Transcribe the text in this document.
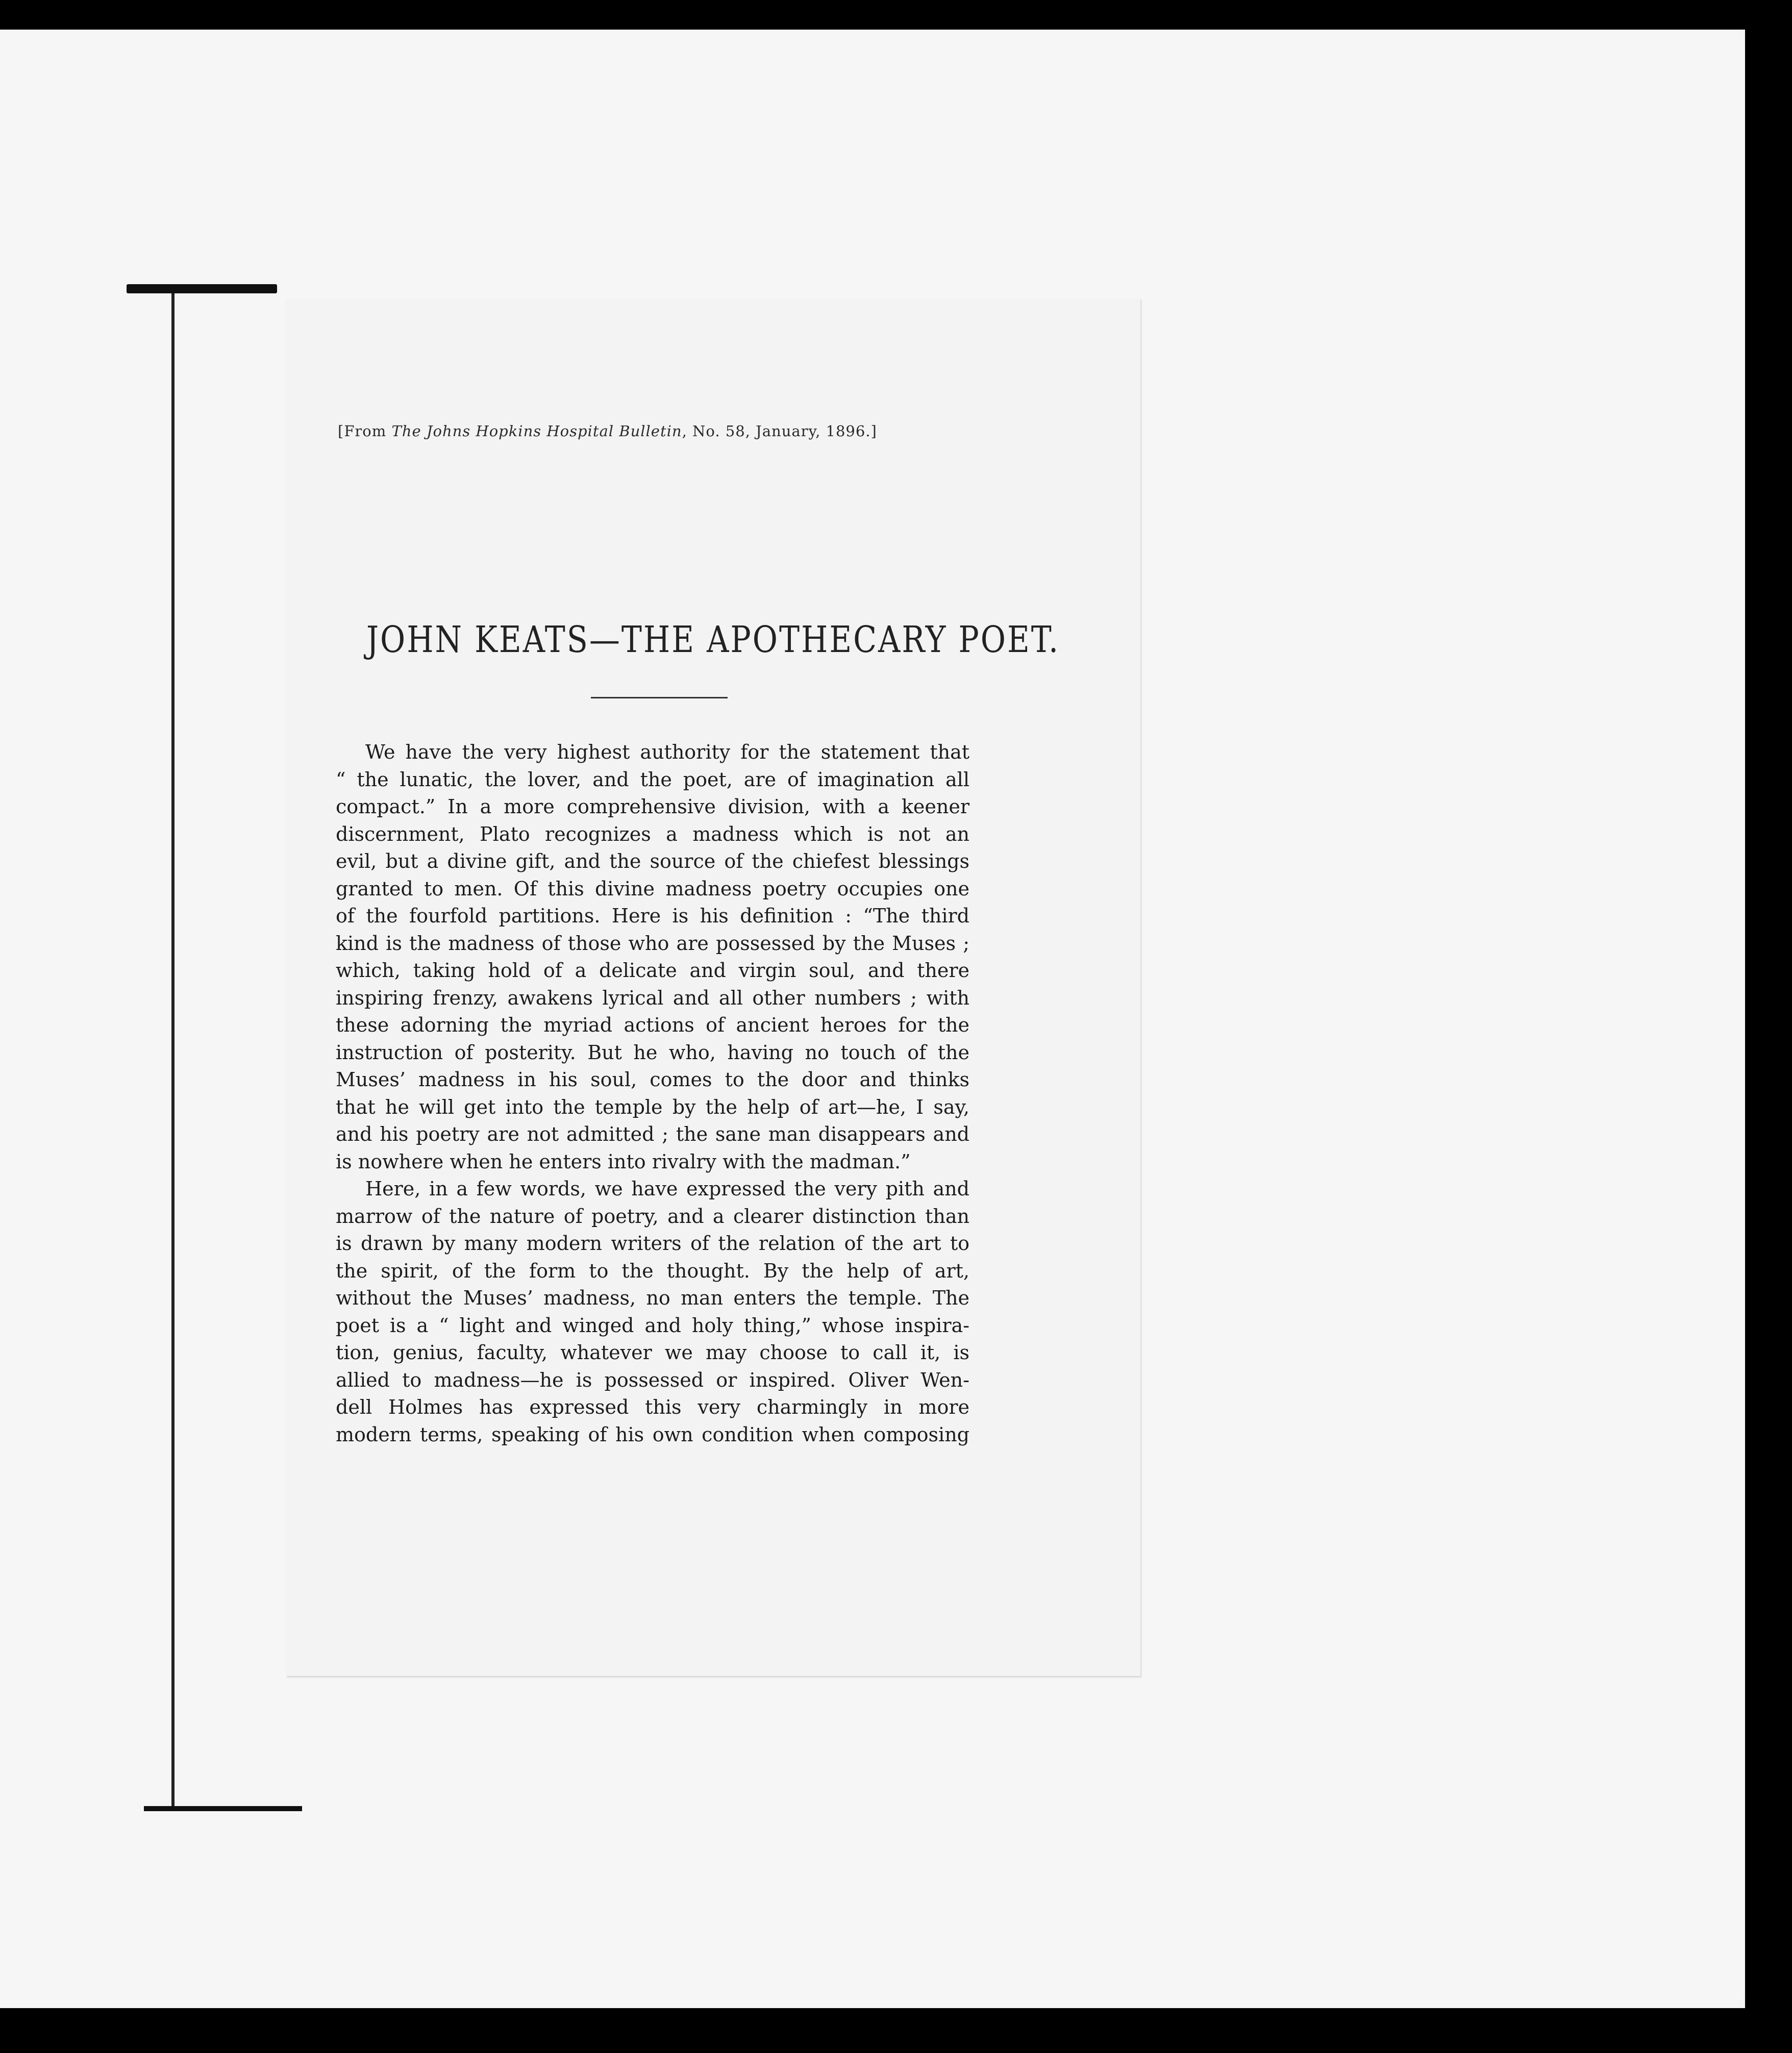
[From The Johns Hopkins Hospital Bulletin, No. 58, January, 1896.]
JOHN KEATS—THE APOTHECARY POET.
We have the very highest authority for the statement that
“ the lunatic, the lover, and the poet, are of imagination all
compact.” In a more comprehensive division, with a keener
discernment, Plato recognizes a madness which is not an
evil, but a divine gift, and the source of the chiefest blessings
granted to men. Of this divine madness poetry occupies one
of the fourfold partitions. Here is his definition : “The third
kind is the madness of those who are possessed by the Muses ;
which, taking hold of a delicate and virgin soul, and there
inspiring frenzy, awakens lyrical and all other numbers ; with
these adorning the myriad actions of ancient heroes for the
instruction of posterity. But he who, having no touch of the
Muses’ madness in his soul, comes to the door and thinks
that he will get into the temple by the help of art—he, I say,
and his poetry are not admitted ; the sane man disappears and
is nowhere when he enters into rivalry with the madman.”
Here, in a few words, we have expressed the very pith and
marrow of the nature of poetry, and a clearer distinction than
is drawn by many modern writers of the relation of the art to
the spirit, of the form to the thought. By the help of art,
without the Muses’ madness, no man enters the temple. The
poet is a “ light and winged and holy thing,” whose inspira-
tion, genius, faculty, whatever we may choose to call it, is
allied to madness—he is possessed or inspired. Oliver Wen-
dell Holmes has expressed this very charmingly in more
modern terms, speaking of his own condition when composing
